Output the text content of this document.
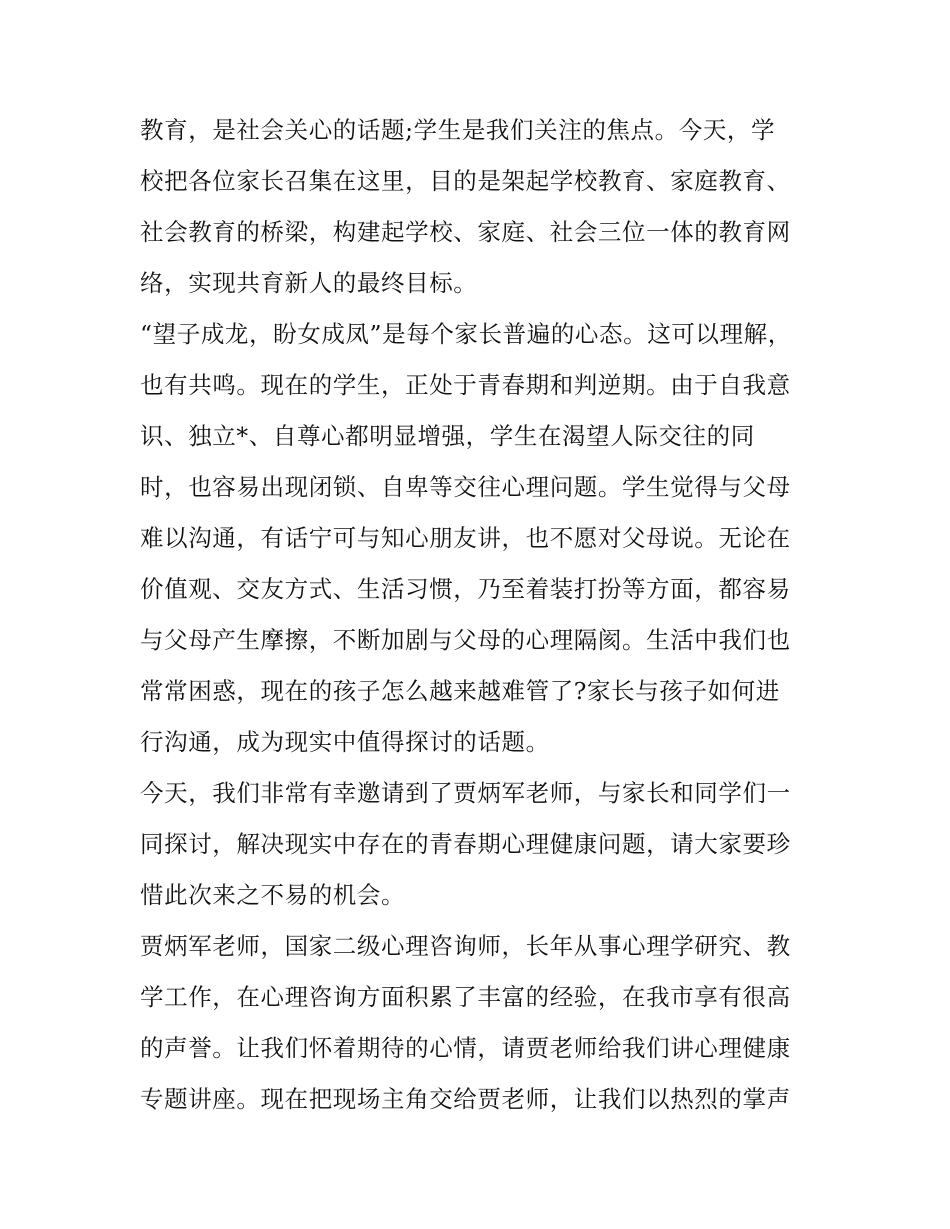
教育，是社会关心的话题;学生是我们关注的焦点。今天，学
校把各位家长召集在这里，目的是架起学校教育、家庭教育、
社会教育的桥梁，构建起学校、家庭、社会三位一体的教育网
络，实现共育新人的最终目标。
“望子成龙，盼女成凤”是每个家长普遍的心态。这可以理解，
也有共鸣。现在的学生，正处于青春期和判逆期。由于自我意
识、独立*、自尊心都明显增强，学生在渴望人际交往的同
时，也容易出现闭锁、自卑等交往心理问题。学生觉得与父母
难以沟通，有话宁可与知心朋友讲，也不愿对父母说。无论在
价值观、交友方式、生活习惯，乃至着装打扮等方面，都容易
与父母产生摩擦，不断加剧与父母的心理隔阂。生活中我们也
常常困惑，现在的孩子怎么越来越难管了?家长与孩子如何进
行沟通，成为现实中值得探讨的话题。
今天，我们非常有幸邀请到了贾炳军老师，与家长和同学们一
同探讨，解决现实中存在的青春期心理健康问题，请大家要珍
惜此次来之不易的机会。
贾炳军老师，国家二级心理咨询师，长年从事心理学研究、教
学工作，在心理咨询方面积累了丰富的经验，在我市享有很高
的声誉。让我们怀着期待的心情，请贾老师给我们讲心理健康
专题讲座。现在把现场主角交给贾老师，让我们以热烈的掌声
